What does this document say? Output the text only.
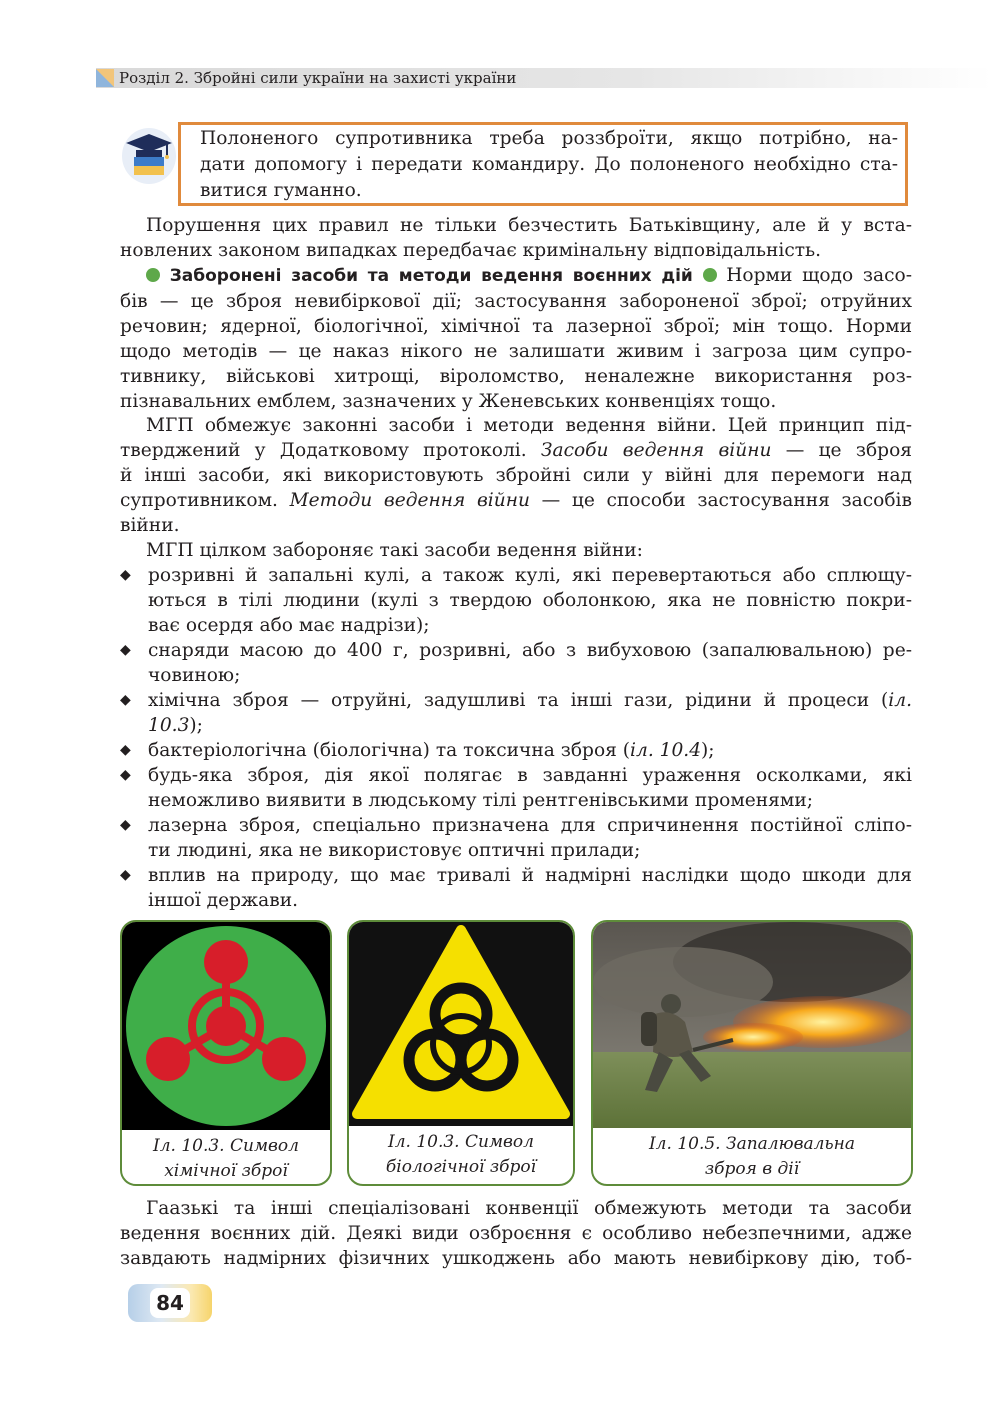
Розділ 2. Збройні сили україни на захисті україни
Полоненого супротивника треба роззброїти, якщо потрібно, на-
дати допомогу і передати командиру. До полоненого необхідно ста-
витися гуманно.
Порушення цих правил не тільки безчестить Батьківщину, але й у вста-
новлених законом випадках передбачає кримінальну відповідальність.
Заборонені засоби та методи ведення воєнних дій Норми щодо засо-
бів — це зброя невибіркової дії; застосування забороненої зброї; отруйних
речовин; ядерної, біологічної, хімічної та лазерної зброї; мін тощо. Норми
щодо методів — це наказ нікого не залишати живим і загроза цим супро-
тивнику, військові хитрощі, віроломство, неналежне використання роз-
пізнавальних емблем, зазначених у Женевських конвенціях тощо.
МГП обмежує законні засоби і методи ведення війни. Цей принцип під-
тверджений у Додатковому протоколі. Засоби ведення війни — це зброя
й інші засоби, які використовують збройні сили у війні для перемоги над
супротивником. Методи ведення війни — це способи застосування засобів
війни.
МГП цілком забороняє такі засоби ведення війни:
◆ розривні й запальні кулі, а також кулі, які перевертаються або сплющу-
ються в тілі людини (кулі з твердою оболонкою, яка не повністю покри-
ває осердя або має надрізи);
◆ снаряди масою до 400 г, розривні, або з вибуховою (запалювальною) ре-
човиною;
◆ хімічна зброя — отруйні, задушливі та інші гази, рідини й процеси (іл.
10.3);
◆ бактеріологічна (біологічна) та токсична зброя (іл. 10.4);
◆ будь-яка зброя, дія якої полягає в завданні ураження осколками, які
неможливо виявити в людському тілі рентгенівськими променями;
◆ лазерна зброя, спеціально призначена для спричинення постійної сліпо-
ти людині, яка не використовує оптичні прилади;
◆ вплив на природу, що має тривалі й надмірні наслідки щодо шкоди для
іншої держави.
Іл. 10.3. Символ
хімічної зброї
Іл. 10.3. Символ
біологічної зброї
Іл. 10.5. Запалювальна
зброя в дії
Гаазькі та інші спеціалізовані конвенції обмежують методи та засоби
ведення воєнних дій. Деякі види озброєння є особливо небезпечними, адже
завдають надмірних фізичних ушкоджень або мають невибіркову дію, тоб-
84
